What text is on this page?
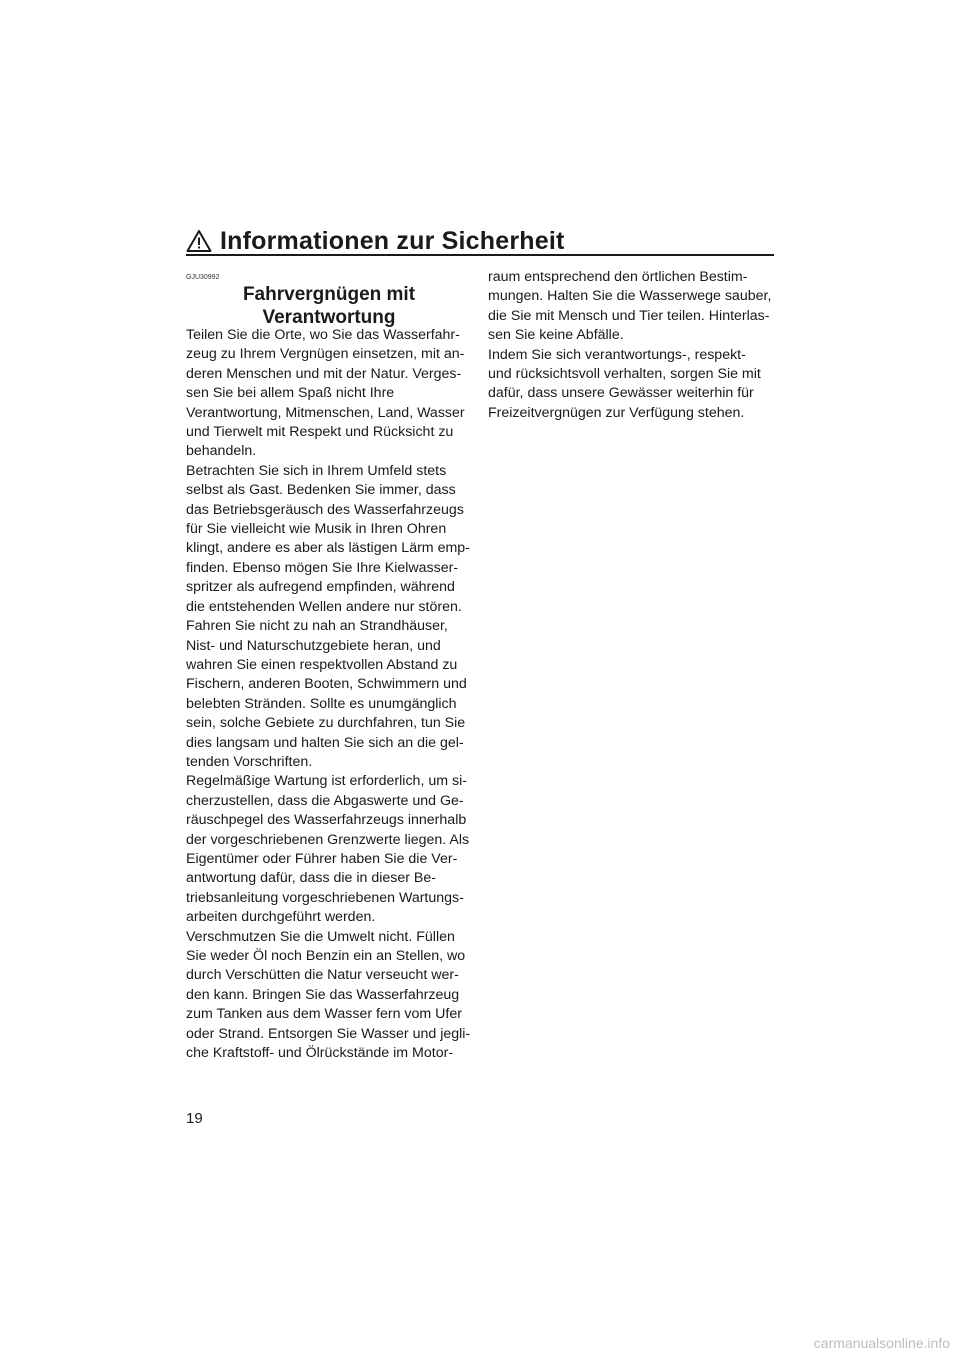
Informationen zur Sicherheit
GJU30992
Fahrvergnügen mit
Verantwortung

Teilen Sie die Orte, wo Sie das Wasserfahr-

zeug zu Ihrem Vergnügen einsetzen, mit an-

deren Menschen und mit der Natur. Verges-

sen Sie bei allem Spaß nicht Ihre

Verantwortung, Mitmenschen, Land, Wasser

und Tierwelt mit Respekt und Rücksicht zu

behandeln.

Betrachten Sie sich in Ihrem Umfeld stets

selbst als Gast. Bedenken Sie immer, dass

das Betriebsgeräusch des Wasserfahrzeugs

für Sie vielleicht wie Musik in Ihren Ohren

klingt, andere es aber als lästigen Lärm emp-

finden. Ebenso mögen Sie Ihre Kielwasser-

spritzer als aufregend empfinden, während

die entstehenden Wellen andere nur stören.

Fahren Sie nicht zu nah an Strandhäuser,

Nist- und Naturschutzgebiete heran, und

wahren Sie einen respektvollen Abstand zu

Fischern, anderen Booten, Schwimmern und

belebten Stränden. Sollte es unumgänglich

sein, solche Gebiete zu durchfahren, tun Sie

dies langsam und halten Sie sich an die gel-

tenden Vorschriften.

Regelmäßige Wartung ist erforderlich, um si-

cherzustellen, dass die Abgaswerte und Ge-

räuschpegel des Wasserfahrzeugs innerhalb

der vorgeschriebenen Grenzwerte liegen. Als

Eigentümer oder Führer haben Sie die Ver-

antwortung dafür, dass die in dieser Be-

triebsanleitung vorgeschriebenen Wartungs-

arbeiten durchgeführt werden.

Verschmutzen Sie die Umwelt nicht. Füllen

Sie weder Öl noch Benzin ein an Stellen, wo

durch Verschütten die Natur verseucht wer-

den kann. Bringen Sie das Wasserfahrzeug

zum Tanken aus dem Wasser fern vom Ufer

oder Strand. Entsorgen Sie Wasser und jegli-

che Kraftstoff- und Ölrückstände im Motor-

raum entsprechend den örtlichen Bestim-

mungen. Halten Sie die Wasserwege sauber,

die Sie mit Mensch und Tier teilen. Hinterlas-

sen Sie keine Abfälle.

Indem Sie sich verantwortungs-, respekt-

und rücksichtsvoll verhalten, sorgen Sie mit

dafür, dass unsere Gewässer weiterhin für

Freizeitvergnügen zur Verfügung stehen.

19
carmanualsonline.info
